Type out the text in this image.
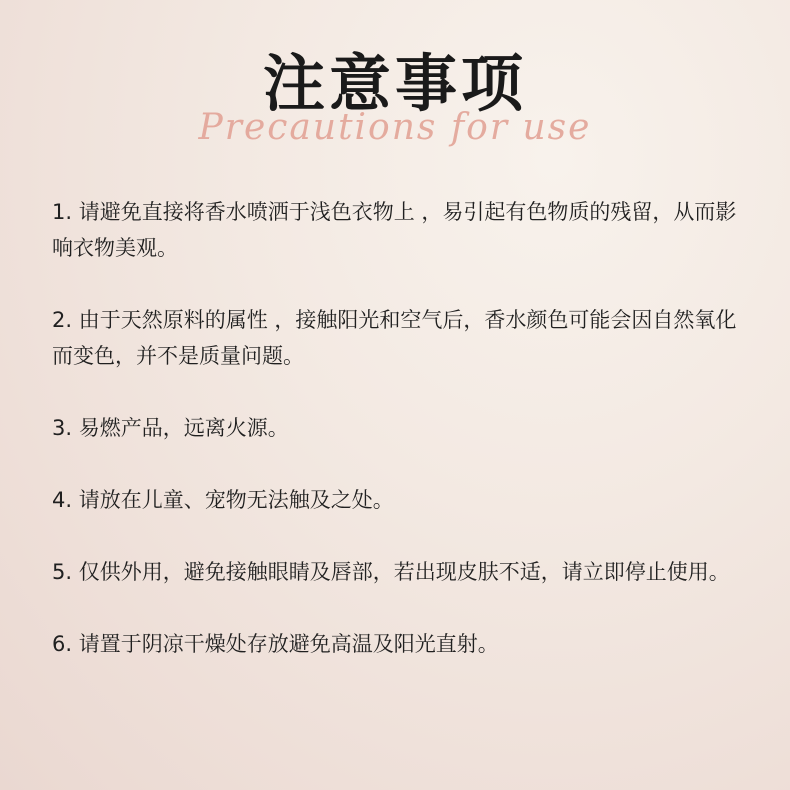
注意事项
Precautions for use

1. 请避免直接将香水喷洒于浅色衣物上 ，易引起有色物质的残留，从而影响衣物美观。

2. 由于天然原料的属性 ，接触阳光和空气后，香水颜色可能会因自然氧化而变色，并不是质量问题。

3. 易燃产品，远离火源。

4. 请放在儿童、宠物无法触及之处。

5. 仅供外用，避免接触眼睛及唇部，若出现皮肤不适，请立即停止使用。

6. 请置于阴凉干燥处存放避免高温及阳光直射。
